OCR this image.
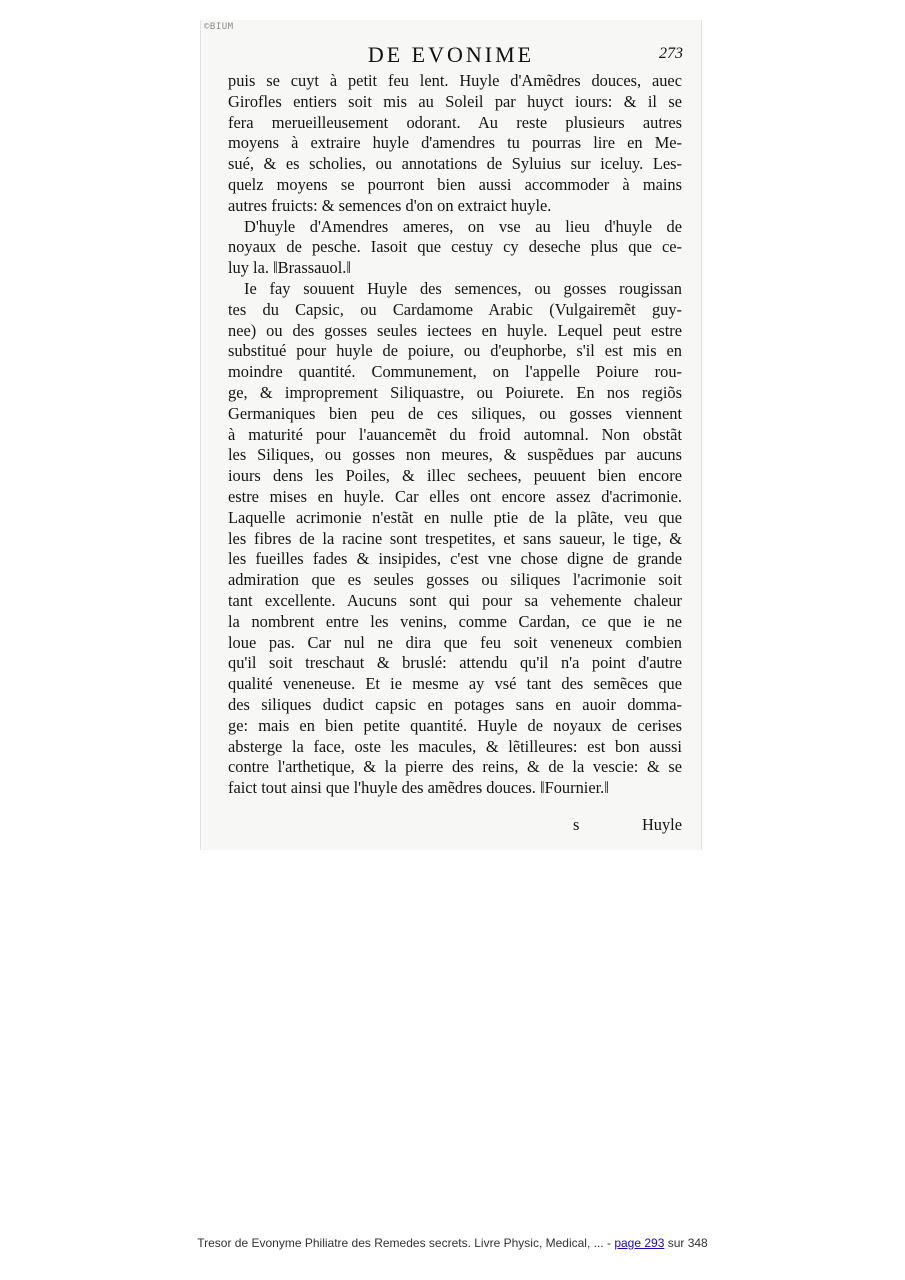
©BIUM
DE EVONIME	273
puis se cuyt à petit feu lent. Huyle d'Amẽdres douces, auec
Girofles entiers soit mis au Soleil par huyct iours: & il se
fera merueilleusement odorant. Au reste plusieurs autres
moyens à extraire huyle d'amendres tu pourras lire en Me-
sué, & es scholies, ou annotations de Syluius sur iceluy. Les-
quelz moyens se pourront bien aussi accommoder à mains
autres fruicts: & semences d'on on extraict huyle.
D'huyle d'Amendres ameres, on vse au lieu d'huyle de
noyaux de pesche. Iasoit que cestuy cy deseche plus que ce-
luy la. ‖Brassauol.‖
Ie fay souuent Huyle des semences, ou gosses rougissan
tes du Capsic, ou Cardamome Arabic (Vulgairemẽt guy-
nee) ou des gosses seules iectees en huyle. Lequel peut estre
substitué pour huyle de poiure, ou d'euphorbe, s'il est mis en
moindre quantité. Communement, on l'appelle Poiure rou-
ge, & improprement Siliquastre, ou Poiurete. En nos regiõs
Germaniques bien peu de ces siliques, ou gosses viennent
à maturité pour l'auancemẽt du froid automnal. Non obstãt
les Siliques, ou gosses non meures, & suspẽdues par aucuns
iours dens les Poiles, & illec sechees, peuuent bien encore
estre mises en huyle. Car elles ont encore assez d'acrimonie.
Laquelle acrimonie n'estãt en nulle ptie de la plãte, veu que
les fibres de la racine sont trespetites, et sans saueur, le tige, &
les fueilles fades & insipides, c'est vne chose digne de grande
admiration que es seules gosses ou siliques l'acrimonie soit
tant excellente. Aucuns sont qui pour sa vehemente chaleur
la nombrent entre les venins, comme Cardan, ce que ie ne
loue pas. Car nul ne dira que feu soit veneneux combien
qu'il soit treschaut & bruslé: attendu qu'il n'a point d'autre
qualité veneneuse. Et ie mesme ay vsé tant des semẽces que
des siliques dudict capsic en potages sans en auoir domma-
ge: mais en bien petite quantité. Huyle de noyaux de cerises
absterge la face, oste les macules, & lẽtilleures: est bon aussi
contre l'arthetique, & la pierre des reins, & de la vescie: & se
faict tout ainsi que l'huyle des amẽdres douces. ‖Fournier.‖
s	Huyle
Tresor de Evonyme Philiatre des Remedes secrets. Livre Physic, Medical, ... - page 293 sur 348
